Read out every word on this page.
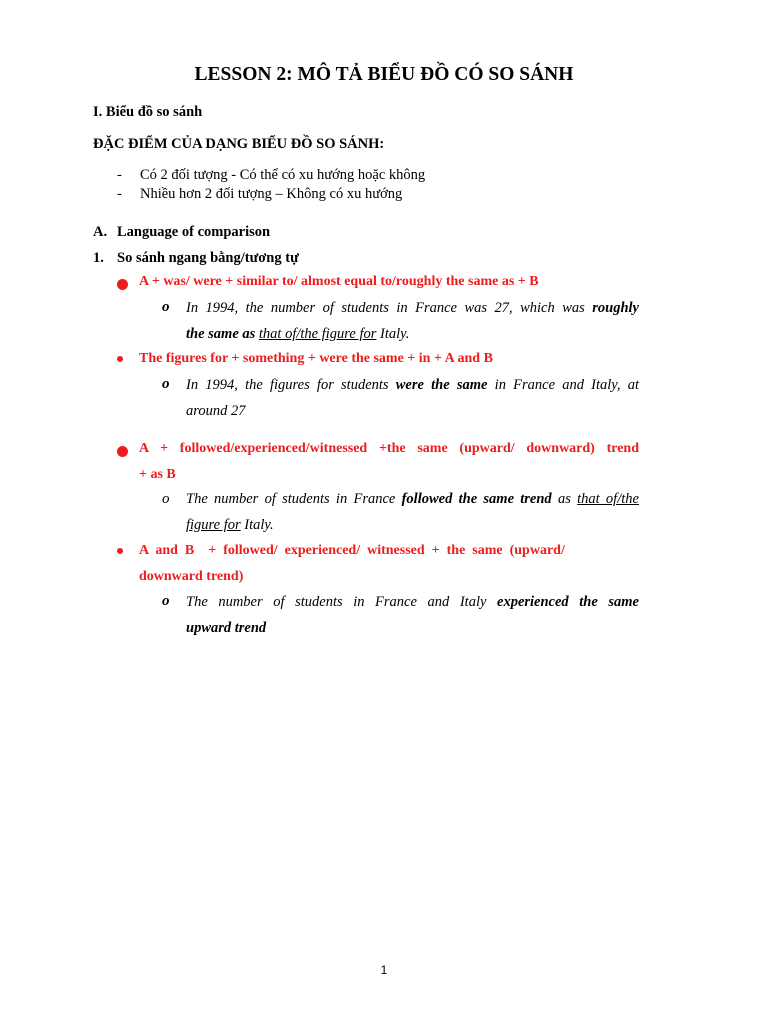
LESSON 2: MÔ TẢ BIỂU ĐỒ CÓ SO SÁNH
I. Biểu đồ so sánh
ĐẶC ĐIỂM CỦA DẠNG BIỂU ĐỒ SO SÁNH:
- Có 2 đối tượng - Có thể có xu hướng hoặc không
- Nhiều hơn 2 đối tượng – Không có xu hướng
A. Language of comparison
1. So sánh ngang bằng/tương tự
A + was/ were + similar to/ almost equal to/roughly the same as + B
o In 1994, the number of students in France was 27, which was roughly
the same as that of/the figure for Italy.
The figures for + something + were the same + in + A and B
o In 1994, the figures for students were the same in France and Italy, at
around 27
A + followed/experienced/witnessed +the same (upward/ downward) trend
+ as B
o The number of students in France followed the same trend as that of/the
figure for Italy.
A  and  B    +  followed/  experienced/  witnessed  +  the  same  (upward/
downward trend)
o The number of students in France and Italy experienced the same
upward trend
1
